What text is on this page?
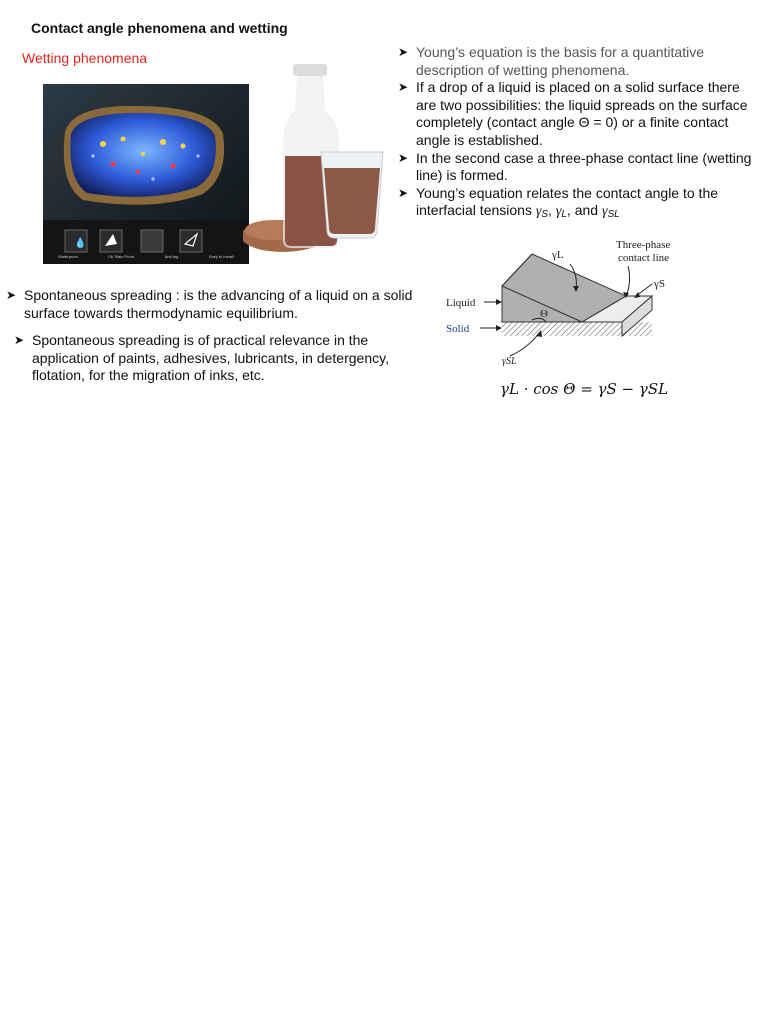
Contact angle phenomena and wetting
Wetting phenomena
💧
Waterproof	Oil Stain Proof	Anti-fog	Easy to Install
➤ Young’s equation is the basis for a quantitative description of wetting phenomena.
➤ If a drop of a liquid is placed on a solid surface there are two possibilities: the liquid spreads on the surface completely (contact angle Θ = 0) or a finite contact angle is established.
➤ In the second case a three-phase contact line (wetting line) is formed.
➤ Young’s equation relates the contact angle to the interfacial tensions $\gamma_S$, $\gamma_L$, and $\gamma_{SL}$
➤ Spontaneous spreading : is the advancing of a liquid on a solid surface towards thermodynamic equilibrium.
➤ Spontaneous spreading is of practical relevance in the application of paints, adhesives, lubricants, in detergency, flotation, for the migration of inks, etc.
γL
Three-phase
contact line
γS
Liquid
Solid
Θ
γSL
γL · cos Θ = γS − γSL
